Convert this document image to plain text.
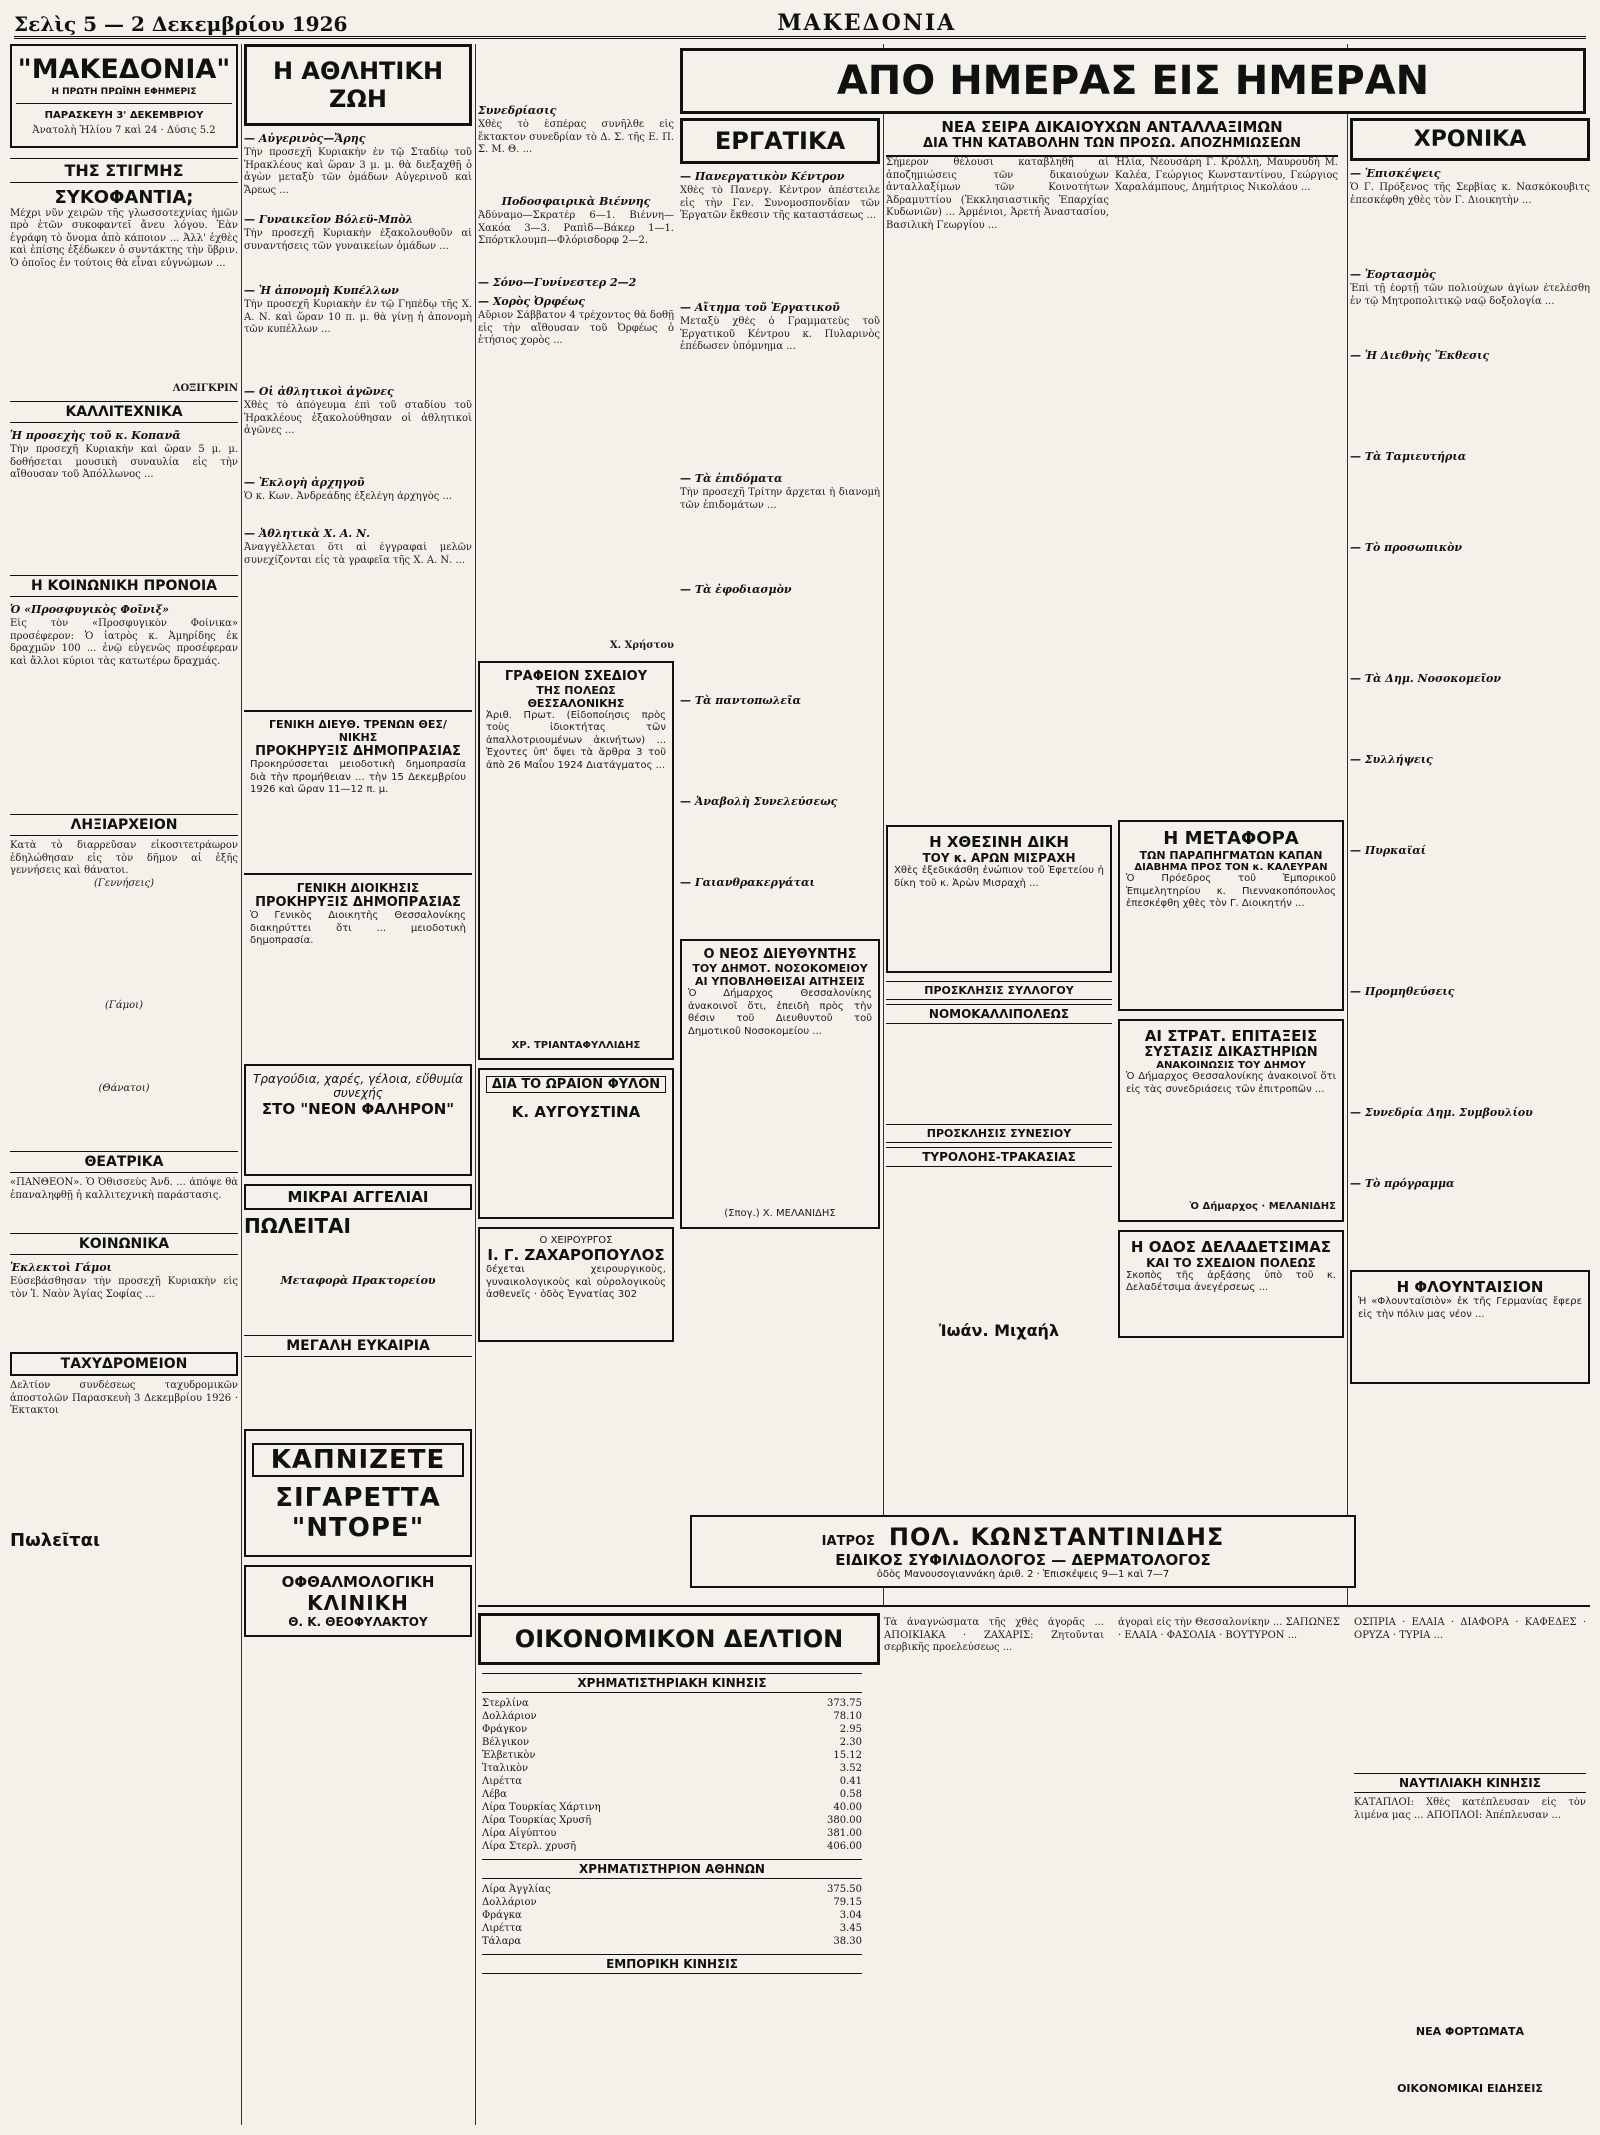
Σελὶς 5 — 2 Δεκεμβρίου 1926	ΜΑΚΕΔΟΝΙΑ
"ΜΑΚΕΔΟΝΙΑ"
Η ΠΡΩΤΗ ΠΡΩΪΝΗ ΕΦΗΜΕΡΙΣ
ΠΑΡΑΣΚΕΥΗ 3' ΔΕΚΕΜΒΡΙΟΥ
Ἀνατολὴ Ἡλίου 7 καὶ 24 · Δύσις 5.2
ΤΗΣ ΣΤΙΓΜΗΣ
ΣΥΚΟΦΑΝΤΙΑ;
Μέχρι νῦν χειρῶν τῆς γλωσσοτεχνίας ἡμῶν πρὸ ἐτῶν συκοφαντεῖ ἄνευ λόγου. Ἐὰν ἐγράφη τὸ ὄνομα ἀπὸ κάποιον ... Ἀλλ' ἐχθὲς καὶ ἐπίσης ἐξέδωκεν ὁ συντάκτης τὴν ὕβριν. Ὁ ὁποῖος ἐν τούτοις θὰ εἶναι εὐγνώμων ...
ΛΟΞΙΓΚΡΙΝ
ΚΑΛΛΙΤΕΧΝΙΚΑ
Ἡ προσεχὴς τοῦ κ. Κοπανᾶ
Τὴν προσεχῆ Κυριακὴν καὶ ὥραν 5 μ. μ. δοθήσεται μουσικὴ συναυλία εἰς τὴν αἴθουσαν τοῦ Ἀπόλλωνος ...
Η ΚΟΙΝΩΝΙΚΗ ΠΡΟΝΟΙΑ
Ὁ «Προσφυγικὸς Φοῖνιξ»
Εἰς τὸν «Προσφυγικὸν Φοίνικα» προσέφερον: Ὁ ἰατρὸς κ. Ἀμηρίδης ἐκ δραχμῶν 100 ... ἐνῷ εὐγενῶς προσέφεραν καὶ ἄλλοι κύριοι τὰς κατωτέρω δραχμάς.
ΛΗΞΙΑΡΧΕΙΟΝ
Κατὰ τὸ διαρρεῦσαν εἰκοσιτετράωρον ἐδηλώθησαν εἰς τὸν δῆμον αἱ ἑξῆς γεννήσεις καὶ θάνατοι.
(Γεννήσεις)
(Γάμοι)
(Θάνατοι)
ΘΕΑΤΡΙΚΑ
«ΠΑΝΘΕΟΝ». Ὁ Ὀθισσεὺς Ἀνδ. ... ἀπόψε θὰ ἐπαναληφθῇ ἡ καλλιτεχνικὴ παράστασις.
ΚΟΙΝΩΝΙΚΑ
Ἐκλεκτοὶ Γάμοι
Εὐσεβάσθησαν τὴν προσεχῆ Κυριακὴν εἰς τὸν Ἱ. Ναὸν Ἁγίας Σοφίας ...
ΤΑΧΥΔΡΟΜΕΙΟΝ
Δελτίον συνδέσεως ταχυδρομικῶν ἀποστολῶν Παρασκευὴ 3 Δεκεμβρίου 1926 · Ἐκτακτοι
Πωλεῖται
Η ΑΘΛΗΤΙΚΗ ΖΩΗ
— Αὐγερινὸς—Ἄρης
Τὴν προσεχῆ Κυριακὴν ἐν τῷ Σταδίῳ τοῦ Ἡρακλέους καὶ ὥραν 3 μ. μ. θὰ διεξαχθῇ ὁ ἀγὼν μεταξὺ τῶν ὁμάδων Αὐγερινοῦ καὶ Ἄρεως ...
— Γυναικεῖον Βόλεϋ-Μπὸλ
Τὴν προσεχῆ Κυριακὴν ἐξακολουθοῦν αἱ συναντήσεις τῶν γυναικείων ὁμάδων ...
— Ἡ ἀπονομὴ Κυπέλλων
Τὴν προσεχῆ Κυριακὴν ἐν τῷ Γηπέδῳ τῆς Χ. Α. Ν. καὶ ὥραν 10 π. μ. θὰ γίνῃ ἡ ἀπονομὴ τῶν κυπέλλων ...
— Οἱ ἀθλητικοὶ ἀγῶνες
Χθὲς τὸ ἀπόγευμα ἐπὶ τοῦ σταδίου τοῦ Ἡρακλέους ἐξακολούθησαν οἱ ἀθλητικοὶ ἀγῶνες ...
— Ἐκλογὴ ἀρχηγοῦ
Ὁ κ. Κων. Ἀνδρεάδης ἐξελέγη ἀρχηγὸς ...
— Ἀθλητικὰ Χ. Α. Ν.
Ἀναγγέλλεται ὅτι αἱ ἐγγραφαὶ μελῶν συνεχίζονται εἰς τὰ γραφεῖα τῆς Χ. Α. Ν. ...
ΓΕΝΙΚΗ ΔΙΕΥΘ. ΤΡΕΝΩΝ ΘΕΣ/ΝΙΚΗΣ
ΠΡΟΚΗΡΥΞΙΣ ΔΗΜΟΠΡΑΣΙΑΣ
Προκηρύσσεται μειοδοτικὴ δημοπρασία διὰ τὴν προμήθειαν ... τὴν 15 Δεκεμβρίου 1926 καὶ ὥραν 11—12 π. μ.
ΓΕΝΙΚΗ ΔΙΟΙΚΗΣΙΣ
ΠΡΟΚΗΡΥΞΙΣ ΔΗΜΟΠΡΑΣΙΑΣ
Ὁ Γενικὸς Διοικητὴς Θεσσαλονίκης διακηρύττει ὅτι ... μειοδοτικὴ δημοπρασία.
Τραγούδια, χαρές, γέλοια, εὔθυμία συνεχής
ΣΤΟ "ΝΕΟΝ ΦΑΛΗΡΟΝ"
ΜΙΚΡΑΙ ΑΓΓΕΛΙΑΙ
ΠΩΛΕΙΤΑΙ
Μεταφορὰ Πρακτορείου
ΜΕΓΑΛΗ ΕΥΚΑΙΡΙΑ
ΚΑΠΝΙΖΕΤΕ
ΣΙΓΑΡΕΤΤΑ
"ΝΤΟΡΕ"
ΟΦΘΑΛΜΟΛΟΓΙΚΗ
ΚΛΙΝΙΚΗ
Θ. Κ. ΘΕΟΦΥΛΑΚΤΟΥ
Συνεδρίασις
Χθὲς τὸ ἑσπέρας συνῆλθε εἰς ἔκτακτον συνεδρίαν τὸ Δ. Σ. τῆς Ε. Π. Σ. Μ. Θ. ...
Ποδοσφαιρικὰ Βιέννης
Ἀδύναμο—Σκρατέρ 6—1. Βιέννη—Χακόα 3—3. Ραπὶδ—Βάκερ 1—1. Σπόρτκλουμπ—Φλόρισδορφ 2—2.
— Σόνο—Γυνίνεστερ 2—2
— Χορὸς Ὀρφέως
Αὔριον Σάββατον 4 τρέχοντος θὰ δοθῇ εἰς τὴν αἴθουσαν τοῦ Ὀρφέως ὁ ἐτήσιος χορὸς ...
Χ. Χρήστου
ΓΡΑΦΕΙΟΝ ΣΧΕΔΙΟΥ
ΤΗΣ ΠΟΛΕΩΣ ΘΕΣΣΑΛΟΝΙΚΗΣ
Ἀριθ. Πρωτ. (Εἰδοποίησις πρὸς τοὺς ἰδιοκτήτας τῶν ἀπαλλοτριουμένων ἀκινήτων) ... Ἐχοντες ὑπ' ὄψει τὰ ἄρθρα 3 τοῦ ἀπὸ 26 Μαΐου 1924 Διατάγματος ...
ΧΡ. ΤΡΙΑΝΤΑΦΥΛΛΙΔΗΣ
ΔΙΑ ΤΟ ΩΡΑΙΟΝ ΦΥΛΟΝ
Κ. ΑΥΓΟΥΣΤΙΝΑ
Ο ΧΕΙΡΟΥΡΓΟΣ
Ι. Γ. ΖΑΧΑΡΟΠΟΥΛΟΣ
δέχεται χειρουργικοὺς, γυναικολογικοὺς καὶ οὐρολογικοὺς ἀσθενεῖς · ὁδὸς Ἐγνατίας 302
ΑΠΟ ΗΜΕΡΑΣ ΕΙΣ ΗΜΕΡΑΝ
ΕΡΓΑΤΙΚΑ
— Πανεργατικὸν Κέντρον
Χθὲς τὸ Πανεργ. Κέντρον ἀπέστειλε εἰς τὴν Γεν. Συνομοσπονδίαν τῶν Ἐργατῶν ἔκθεσιν τῆς καταστάσεως ...
— Αἴτημα τοῦ Ἐργατικοῦ
Μεταξὺ χθὲς ὁ Γραμματεὺς τοῦ Ἐργατικοῦ Κέντρου κ. Πυλαρινὸς ἐπέδωσεν ὑπόμνημα ...
— Τὰ ἐπιδόματα
Τὴν προσεχῆ Τρίτην ἄρχεται ἡ διανομὴ τῶν ἐπιδομάτων ...
— Τὰ ἐφοδιασμὸν
— Τὰ παντοπωλεῖα
— Ἀναβολὴ Συνελεύσεως
— Γαιανθρακεργάται
Ο ΝΕΟΣ ΔΙΕΥΘΥΝΤΗΣ
ΤΟΥ ΔΗΜΟΤ. ΝΟΣΟΚΟΜΕΙΟΥ
ΑΙ ΥΠΟΒΛΗΘΕΙΣΑΙ ΑΙΤΗΣΕΙΣ
Ὁ Δήμαρχος Θεσσαλονίκης ἀνακοινοῖ ὅτι, ἐπειδὴ πρὸς τὴν θέσιν τοῦ Διευθυντοῦ τοῦ Δημοτικοῦ Νοσοκομείου ...
(Σπογ.) Χ. ΜΕΛΑΝΙΔΗΣ
ΝΕΑ ΣΕΙΡΑ ΔΙΚΑΙΟΥΧΩΝ ΑΝΤΑΛΛΑΞΙΜΩΝ
ΔΙΑ ΤΗΝ ΚΑΤΑΒΟΛΗΝ ΤΩΝ ΠΡΟΣΩ. ΑΠΟΖΗΜΙΩΣΕΩΝ
Σήμερον θέλουσι καταβληθῆ αἱ ἀποζημιώσεις τῶν δικαιούχων ἀνταλλαξίμων τῶν Κοινοτήτων Ἀδραμυττίου (Ἐκκλησιαστικῆς Ἐπαρχίας Κυδωνιῶν) ... Ἀρμένιοι, Ἀρετή Ἀναστασίου, Βασιλικὴ Γεωργίου ...
Ἡλία, Νεουσάρη Γ. Κρόλλη, Μαυρουδὴ Μ. Καλέα, Γεώργιος Κωνσταντίνου, Γεώργιος Χαραλάμπους, Δημήτριος Νικολάου ...
Η ΧΘΕΣΙΝΗ ΔΙΚΗ
ΤΟΥ κ. ΑΡΩΝ ΜΙΣΡΑΧΗ
Χθὲς ἐξεδικάσθη ἐνώπιον τοῦ Ἐφετείου ἡ δίκη τοῦ κ. Ἀρὼν Μισραχὴ ...
ΠΡΟΣΚΛΗΣΙΣ ΣΥΛΛΟΓΟΥ
ΝΟΜΟΚΑΛΛΙΠΟΛΕΩΣ
ΠΡΟΣΚΛΗΣΙΣ ΣΥΝΕΣΙΟΥ
ΤΥΡΟΛΟΗΣ-ΤΡΑΚΑΣΙΑΣ
Ἰωάν. Μιχαήλ
Η ΜΕΤΑΦΟΡΑ
ΤΩΝ ΠΑΡΑΠΗΓΜΑΤΩΝ ΚΑΠΑΝ
ΔΙΑΒΗΜΑ ΠΡΟΣ ΤΟΝ κ. ΚΑΛΕΥΡΑΝ
Ὁ Πρόεδρος τοῦ Ἐμπορικοῦ Ἐπιμελητηρίου κ. Πιεννακοπόπουλος ἐπεσκέφθη χθὲς τὸν Γ. Διοικητήν ...
ΑΙ ΣΤΡΑΤ. ΕΠΙΤΑΞΕΙΣ
ΣΥΣΤΑΣΙΣ ΔΙΚΑΣΤΗΡΙΩΝ
ΑΝΑΚΟΙΝΩΣΙΣ ΤΟΥ ΔΗΜΟΥ
Ὁ Δήμαρχος Θεσσαλονίκης ἀνακοινοῖ ὅτι εἰς τὰς συνεδριάσεις τῶν ἐπιτροπῶν ...
Ὁ Δήμαρχος · ΜΕΛΑΝΙΔΗΣ
Η ΟΔΟΣ ΔΕΛΑΔΕΤΣΙΜΑΣ
ΚΑΙ ΤΟ ΣΧΕΔΙΟΝ ΠΟΛΕΩΣ
Σκοπὸς τῆς ἀρξάσης ὑπὸ τοῦ κ. Δελαδέτσιμα ἀνεγέρσεως ...
ΧΡΟΝΙΚΑ
— Ἐπισκέψεις
Ὁ Γ. Πρόξενος τῆς Σερβίας κ. Νασκόκουβιτς ἐπεσκέφθη χθὲς τὸν Γ. Διοικητὴν ...
— Ἐορτασμὸς
Ἐπὶ τῇ ἐορτῇ τῶν πολιούχων ἁγίων ἐτελέσθη ἐν τῷ Μητροπολιτικῷ ναῷ δοξολογία ...
— Ἡ Διεθνὴς Ἔκθεσις
— Τὰ Ταμιευτήρια
— Τὸ προσωπικὸν
— Τὰ Δημ. Νοσοκομεῖον
— Συλλήψεις
— Πυρκαϊαί
— Προμηθεύσεις
— Συνεδρία Δημ. Συμβουλίου
— Τὸ πρόγραμμα
Η ΦΛΟΥΝΤΑΙΣΙΟΝ
Ἡ «Φλουνταϊσιὸν» ἐκ τῆς Γερμανίας ἔφερε εἰς τὴν πόλιν μας νέον ...
ΙΑΤΡΟΣ ΠΟΛ. ΚΩΝΣΤΑΝΤΙΝΙΔΗΣ
ΕΙΔΙΚΟΣ ΣΥΦΙΛΙΔΟΛΟΓΟΣ — ΔΕΡΜΑΤΟΛΟΓΟΣ
ὁδὸς Μανουσογιαννάκη ἀριθ. 2 · Ἐπισκέψεις 9—1 καὶ 7—7
ΟΙΚΟΝΟΜΙΚΟΝ ΔΕΛΤΙΟΝ
ΧΡΗΜΑΤΙΣΤΗΡΙΑΚΗ ΚΙΝΗΣΙΣ
Στερλίνα	373.75
Δολλάριον	78.10
Φράγκον	2.95
Βέλγικον	2.30
Ἑλβετικὸν	15.12
Ἰταλικὸν	3.52
Λιρέττα	0.41
Λέβα	0.58
Λίρα Τουρκίας Χάρτινη	40.00
Λίρα Τουρκίας Χρυσῆ	380.00
Λίρα Αἰγύπτου	381.00
Λίρα Στερλ. χρυσῆ	406.00
ΧΡΗΜΑΤΙΣΤΗΡΙΟΝ ΑΘΗΝΩΝ
Λίρα Ἀγγλίας	375.50
Δολλάριον	79.15
Φράγκα	3.04
Λιρέττα	3.45
Τάλαρα	38.30
ΕΜΠΟΡΙΚΗ ΚΙΝΗΣΙΣ
Τὰ ἀναγνώσματα τῆς χθὲς ἀγορᾶς ... ΑΠΟΙΚΙΑΚΑ · ΖΑΧΑΡΙΣ: Ζητοῦνται σερβικῆς προελεύσεως ...
ἀγοραὶ εἰς τὴν Θεσσαλονίκην ... ΣΑΠΩΝΕΣ · ΕΛΑΙΑ · ΦΑΣΟΛΙΑ · ΒΟΥΤΥΡΟΝ ...
ΟΣΠΡΙΑ · ΕΛΑΙΑ · ΔΙΑΦΟΡΑ · ΚΑΦΕΔΕΣ · ΟΡΥΖΑ · ΤΥΡΙΑ ...
ΝΑΥΤΙΛΙΑΚΗ ΚΙΝΗΣΙΣ
ΚΑΤΑΠΛΟΙ: Χθὲς κατέπλευσαν εἰς τὸν λιμένα μας ... ΑΠΟΠΛΟΙ: Ἀπέπλευσαν ...
ΝΕΑ ΦΟΡΤΩΜΑΤΑ
ΟΙΚΟΝΟΜΙΚΑΙ ΕΙΔΗΣΕΙΣ
